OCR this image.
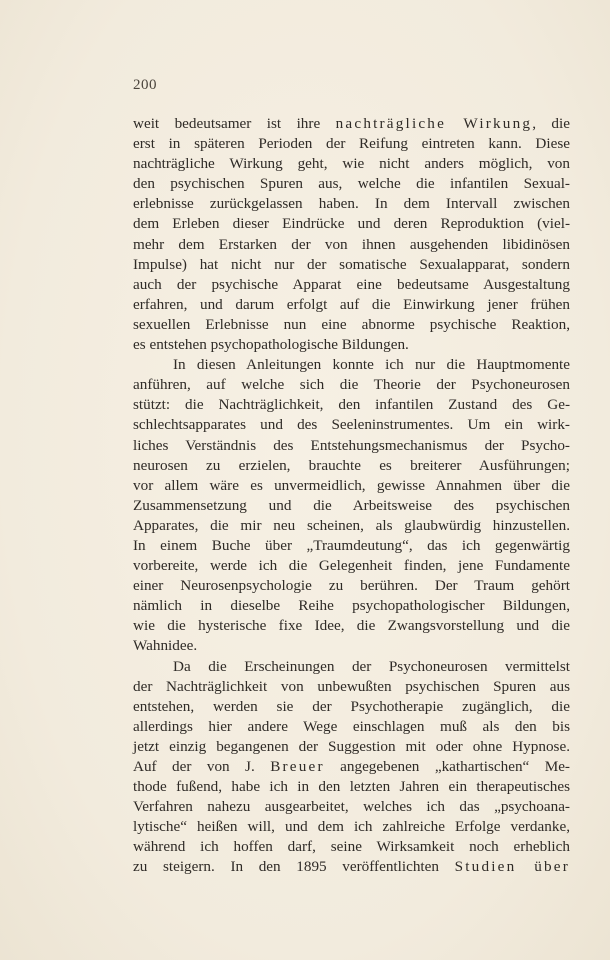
200
weit bedeutsamer ist ihre nachträgliche Wirkung, die
erst in späteren Perioden der Reifung eintreten kann. Diese
nachträgliche Wirkung geht, wie nicht anders möglich, von
den psychischen Spuren aus, welche die infantilen Sexual-
erlebnisse zurückgelassen haben. In dem Intervall zwischen
dem Erleben dieser Eindrücke und deren Reproduktion (viel-
mehr dem Erstarken der von ihnen ausgehenden libidinösen
Impulse) hat nicht nur der somatische Sexualapparat, sondern
auch der psychische Apparat eine bedeutsame Ausgestaltung
erfahren, und darum erfolgt auf die Einwirkung jener frühen
sexuellen Erlebnisse nun eine abnorme psychische Reaktion,
es entstehen psychopathologische Bildungen.
In diesen Anleitungen konnte ich nur die Hauptmomente
anführen, auf welche sich die Theorie der Psychoneurosen
stützt: die Nachträglichkeit, den infantilen Zustand des Ge-
schlechtsapparates und des Seeleninstrumentes. Um ein wirk-
liches Verständnis des Entstehungsmechanismus der Psycho-
neurosen zu erzielen, brauchte es breiterer Ausführungen;
vor allem wäre es unvermeidlich, gewisse Annahmen über die
Zusammensetzung und die Arbeitsweise des psychischen
Apparates, die mir neu scheinen, als glaubwürdig hinzustellen.
In einem Buche über „Traumdeutung“, das ich gegenwärtig
vorbereite, werde ich die Gelegenheit finden, jene Fundamente
einer Neurosenpsychologie zu berühren. Der Traum gehört
nämlich in dieselbe Reihe psychopathologischer Bildungen,
wie die hysterische fixe Idee, die Zwangsvorstellung und die
Wahnidee.
Da die Erscheinungen der Psychoneurosen vermittelst
der Nachträglichkeit von unbewußten psychischen Spuren aus
entstehen, werden sie der Psychotherapie zugänglich, die
allerdings hier andere Wege einschlagen muß als den bis
jetzt einzig begangenen der Suggestion mit oder ohne Hypnose.
Auf der von J. Breuer angegebenen „kathartischen“ Me-
thode fußend, habe ich in den letzten Jahren ein therapeutisches
Verfahren nahezu ausgearbeitet, welches ich das „psychoana-
lytische“ heißen will, und dem ich zahlreiche Erfolge verdanke,
während ich hoffen darf, seine Wirksamkeit noch erheblich
zu steigern. In den 1895 veröffentlichten Studien über
